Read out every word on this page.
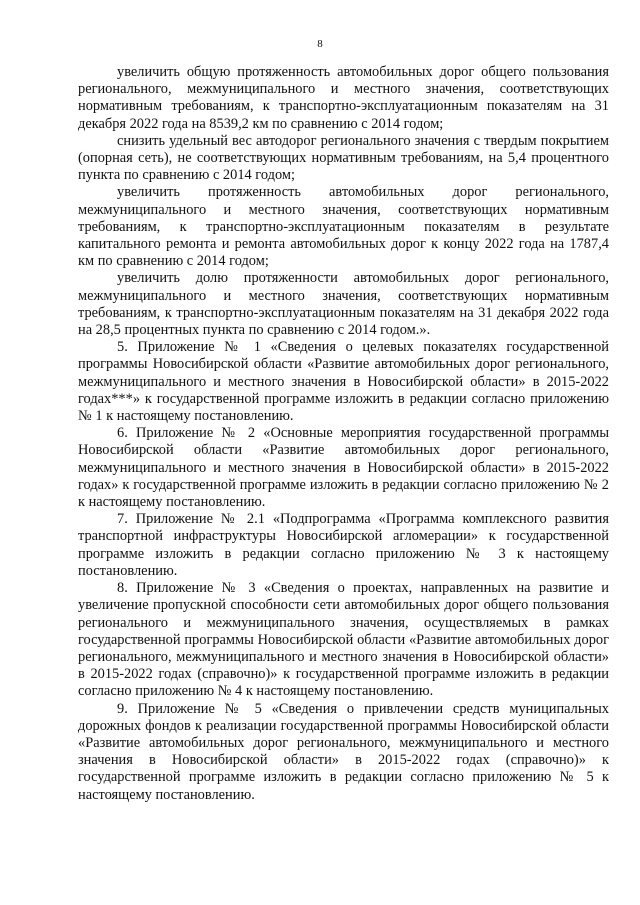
8

увеличить общую протяженность автомобильных дорог общего пользования регионального, межмуниципального и местного значения, соответствующих нормативным требованиям, к транспортно-эксплуатационным показателям на 31 декабря 2022 года на 8539,2 км по сравнению с 2014 годом;

снизить удельный вес автодорог регионального значения с твердым покрытием (опорная сеть), не соответствующих нормативным требованиям, на 5,4 процентного пункта по сравнению с 2014 годом;

увеличить протяженность автомобильных дорог регионального, межмуниципального и местного значения, соответствующих нормативным требованиям, к транспортно-эксплуатационным показателям в результате капитального ремонта и ремонта автомобильных дорог к концу 2022 года на 1787,4 км по сравнению с 2014 годом;

увеличить долю протяженности автомобильных дорог регионального, межмуниципального и местного значения, соответствующих нормативным требованиям, к транспортно-эксплуатационным показателям на 31 декабря 2022 года на 28,5 процентных пункта по сравнению с 2014 годом.».

5. Приложение № 1 «Сведения о целевых показателях государственной программы Новосибирской области «Развитие автомобильных дорог регионального, межмуниципального и местного значения в Новосибирской области» в 2015-2022 годах***» к государственной программе изложить в редакции согласно приложению № 1 к настоящему постановлению.

6. Приложение № 2 «Основные мероприятия государственной программы Новосибирской области «Развитие автомобильных дорог регионального, межмуниципального и местного значения в Новосибирской области» в 2015-2022 годах» к государственной программе изложить в редакции согласно приложению № 2 к настоящему постановлению.

7. Приложение № 2.1 «Подпрограмма «Программа комплексного развития транспортной инфраструктуры Новосибирской агломерации» к государственной программе изложить в редакции согласно приложению № 3 к настоящему постановлению.

8. Приложение № 3 «Сведения о проектах, направленных на развитие и увеличение пропускной способности сети автомобильных дорог общего пользования регионального и межмуниципального значения, осуществляемых в рамках государственной программы Новосибирской области «Развитие автомобильных дорог регионального, межмуниципального и местного значения в Новосибирской области» в 2015-2022 годах (справочно)» к государственной программе изложить в редакции согласно приложению № 4 к настоящему постановлению.

9. Приложение № 5 «Сведения о привлечении средств муниципальных дорожных фондов к реализации государственной программы Новосибирской области «Развитие автомобильных дорог регионального, межмуниципального и местного значения в Новосибирской области» в 2015-2022 годах (справочно)» к государственной программе изложить в редакции согласно приложению № 5 к настоящему постановлению.
